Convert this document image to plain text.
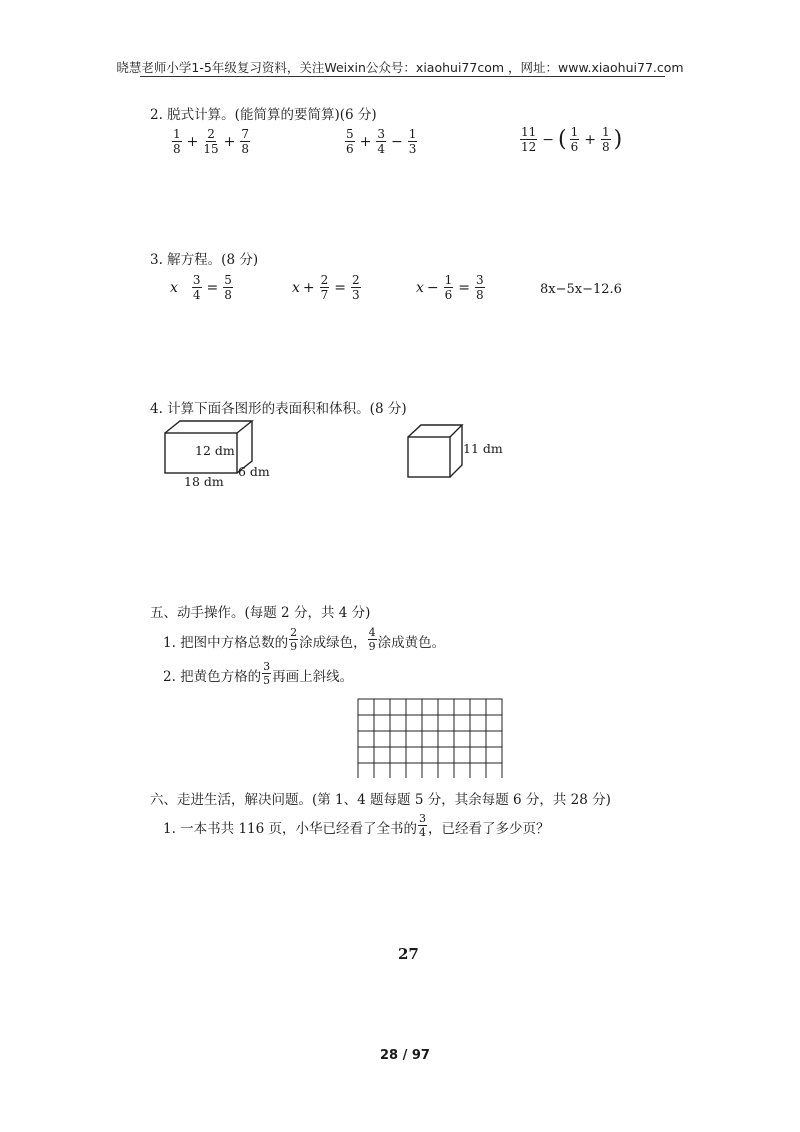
晓慧老师小学1-5年级复习资料，关注Weixin公众号：xiaohui77com ，网址：www.xiaohui77.com
2. 脱式计算。(能简算的要简算)(6 分)
$\frac{1}{8} + \frac{2}{15} + \frac{7}{8}$	$\frac{5}{6} + \frac{3}{4} - \frac{1}{3}$	$\frac{11}{12}$ − ( $\frac{1}{6} + \frac{1}{8}$ )
3. 解方程。(8 分)
x $\frac{3}{4} = \frac{5}{8}$	$x + \frac{2}{7} = \frac{2}{3}$	$x - \frac{1}{6} = \frac{3}{8}$	8x−5x−12.6
4. 计算下面各图形的表面积和体积。(8 分)
12 dm
6 dm
18 dm
11 dm
五、动手操作。(每题 2 分，共 4 分)
1. 把图中方格总数的 $\frac{2}{9}$ 涂成绿色， $\frac{4}{9}$ 涂成黄色。
2. 把黄色方格的 $\frac{3}{5}$ 再画上斜线。
六、走进生活，解决问题。(第 1、4 题每题 5 分，其余每题 6 分，共 28 分)
1. 一本书共 116 页，小华已经看了全书的 $\frac{3}{4}$ ，已经看了多少页？
27
28 / 97
